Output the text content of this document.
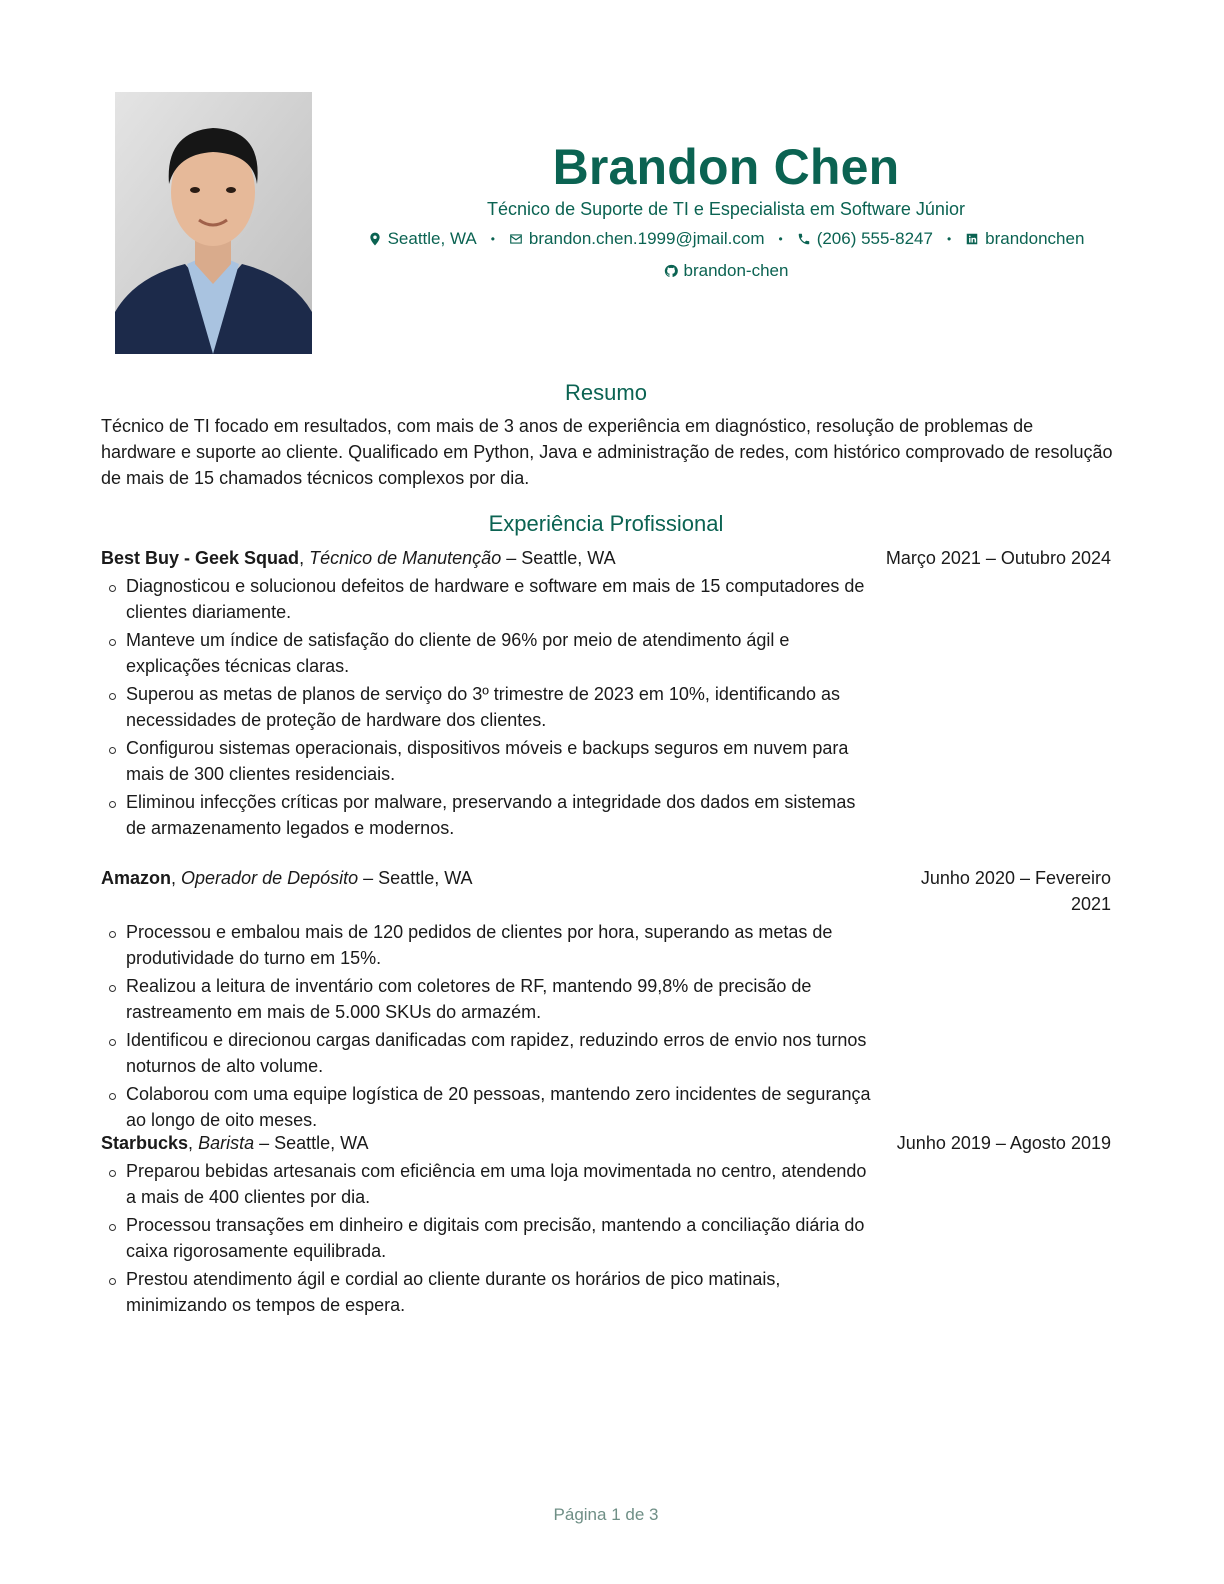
Brandon Chen
Técnico de Suporte de TI e Especialista em Software Júnior
Seattle, WA • brandon.chen.1999@jmail.com • (206) 555-8247 • brandonchen
brandon-chen
Resumo
Técnico de TI focado em resultados, com mais de 3 anos de experiência em diagnóstico, resolução de problemas de hardware e suporte ao cliente. Qualificado em Python, Java e administração de redes, com histórico comprovado de resolução de mais de 15 chamados técnicos complexos por dia.
Experiência Profissional
Best Buy - Geek Squad, Técnico de Manutenção – Seattle, WA	Março 2021 – Outubro 2024
Diagnosticou e solucionou defeitos de hardware e software em mais de 15 computadores de clientes diariamente.
Manteve um índice de satisfação do cliente de 96% por meio de atendimento ágil e explicações técnicas claras.
Superou as metas de planos de serviço do 3º trimestre de 2023 em 10%, identificando as necessidades de proteção de hardware dos clientes.
Configurou sistemas operacionais, dispositivos móveis e backups seguros em nuvem para mais de 300 clientes residenciais.
Eliminou infecções críticas por malware, preservando a integridade dos dados em sistemas de armazenamento legados e modernos.
Amazon, Operador de Depósito – Seattle, WA	Junho 2020 – Fevereiro 2021
Processou e embalou mais de 120 pedidos de clientes por hora, superando as metas de produtividade do turno em 15%.
Realizou a leitura de inventário com coletores de RF, mantendo 99,8% de precisão de rastreamento em mais de 5.000 SKUs do armazém.
Identificou e direcionou cargas danificadas com rapidez, reduzindo erros de envio nos turnos noturnos de alto volume.
Colaborou com uma equipe logística de 20 pessoas, mantendo zero incidentes de segurança ao longo de oito meses.
Starbucks, Barista – Seattle, WA	Junho 2019 – Agosto 2019
Preparou bebidas artesanais com eficiência em uma loja movimentada no centro, atendendo a mais de 400 clientes por dia.
Processou transações em dinheiro e digitais com precisão, mantendo a conciliação diária do caixa rigorosamente equilibrada.
Prestou atendimento ágil e cordial ao cliente durante os horários de pico matinais, minimizando os tempos de espera.
Página 1 de 3
